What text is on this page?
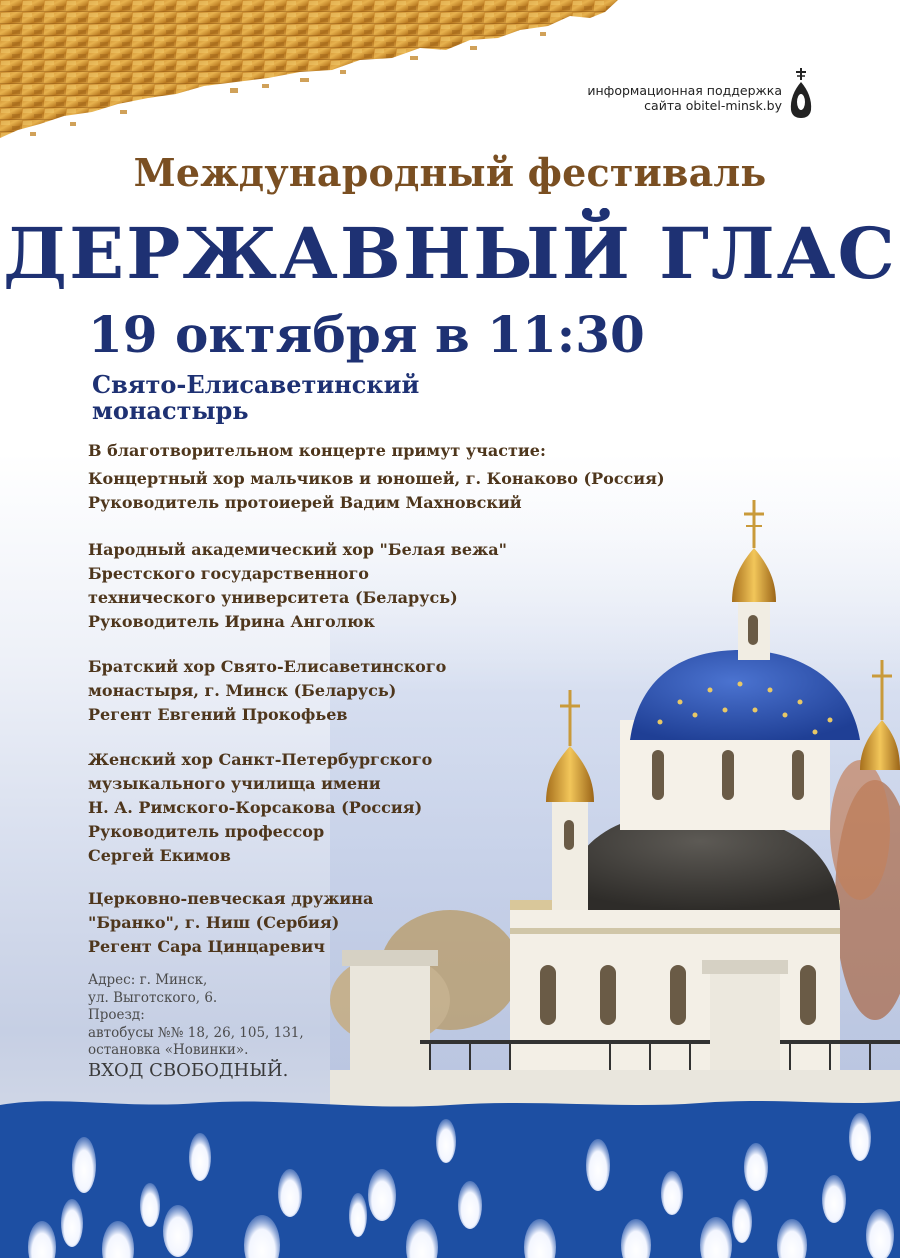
информационная поддержка
сайта obitel-minsk.by
Международный фестиваль
ДЕРЖАВНЫЙ ГЛАС
19 октября в 11:30
Свято-Елисаветинский монастырь
В благотворительном концерте примут участие:
Концертный хор мальчиков и юношей, г. Конаково (Россия)
Руководитель протоиерей Вадим Махновский
Народный академический хор "Белая вежа"
Брестского государственного
технического университета (Беларусь)
Руководитель Ирина Анголюк
Братский хор Свято-Елисаветинского
монастыря, г. Минск (Беларусь)
Регент Евгений Прокофьев
Женский хор Санкт-Петербургского
музыкального училища имени
Н. А. Римского-Корсакова (Россия)
Руководитель профессор
Сергей Екимов
Церковно-певческая дружина
"Бранко", г. Ниш (Сербия)
Регент Сара Цинцаревич
Адрес: г. Минск,
ул. Выготского, 6.
Проезд:
автобусы №№ 18, 26, 105, 131,
остановка «Новинки».
ВХОД СВОБОДНЫЙ.
